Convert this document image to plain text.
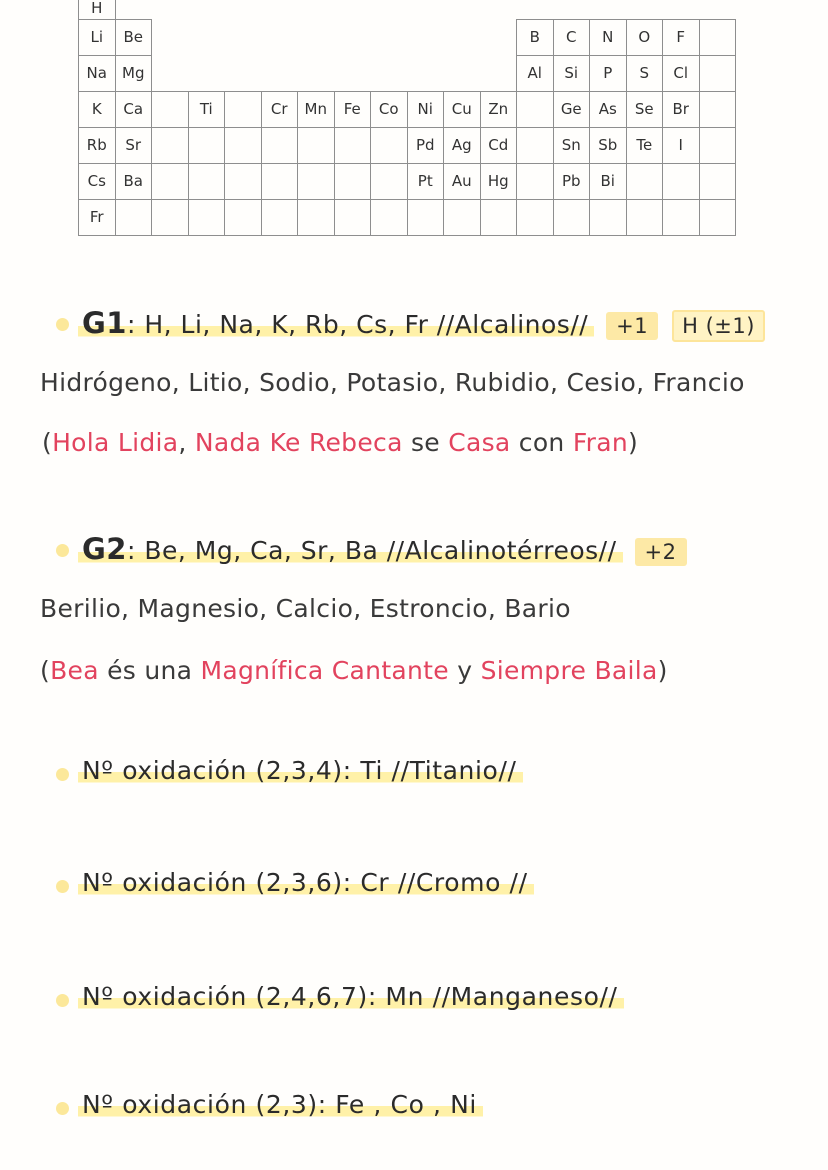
H																	
Li	Be											B	C	N	O	F	
Na	Mg											Al	Si	P	S	Cl	
K	Ca		Ti		Cr	Mn	Fe	Co	Ni	Cu	Zn		Ge	As	Se	Br	
Rb	Sr								Pd	Ag	Cd		Sn	Sb	Te	I	
Cs	Ba								Pt	Au	Hg		Pb	Bi			
Fr																	
G1: H, Li, Na, K, Rb, Cs, Fr //Alcalinos// +1 H (±1)
Hidrógeno, Litio, Sodio, Potasio, Rubidio, Cesio, Francio
(Hola Lidia, Nada Ke Rebeca se Casa con Fran)
G2: Be, Mg, Ca, Sr, Ba //Alcalinotérreos// +2
Berilio, Magnesio, Calcio, Estroncio, Bario
(Bea és una Magnífica Cantante y Siempre Baila)
Nº oxidación (2,3,4): Ti //Titanio//
Nº oxidación (2,3,6): Cr //Cromo //
Nº oxidación (2,4,6,7): Mn //Manganeso//
Nº oxidación (2,3): Fe , Co , Ni
